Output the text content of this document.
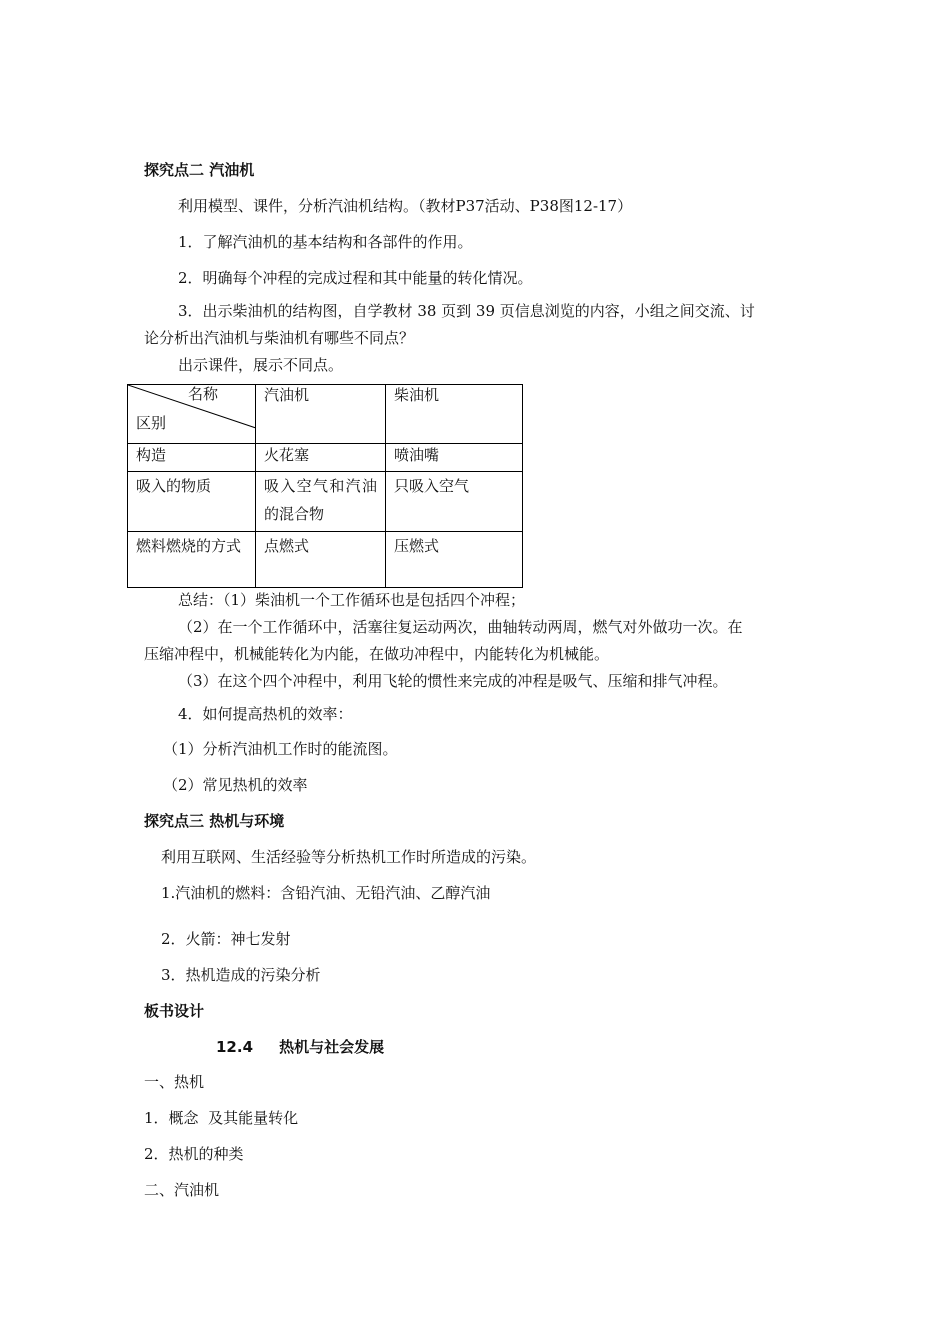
探究点二 汽油机
利用模型、课件，分析汽油机结构。（教材P37活动、P38图12-17）
1．了解汽油机的基本结构和各部件的作用。
2．明确每个冲程的完成过程和其中能量的转化情况。
3．出示柴油机的结构图，自学教材 38 页到 39 页信息浏览的内容，小组之间交流、讨
论分析出汽油机与柴油机有哪些不同点？
出示课件，展示不同点。
名称
区别	汽油机	柴油机
构造	火花塞	喷油嘴
吸入的物质	吸入空气和汽油的混合物	只吸入空气
燃料燃烧的方式	点燃式	压燃式
总结：（1）柴油机一个工作循环也是包括四个冲程；
（2）在一个工作循环中，活塞往复运动两次，曲轴转动两周，燃气对外做功一次。在
压缩冲程中，机械能转化为内能，在做功冲程中，内能转化为机械能。
（3）在这个四个冲程中，利用飞轮的惯性来完成的冲程是吸气、压缩和排气冲程。
4．如何提高热机的效率：
（1）分析汽油机工作时的能流图。
（2）常见热机的效率
探究点三 热机与环境
利用互联网、生活经验等分析热机工作时所造成的污染。
1.汽油机的燃料：含铅汽油、无铅汽油、乙醇汽油
2．火箭：神七发射
3．热机造成的污染分析
板书设计
12.4     热机与社会发展
一、热机
1．概念  及其能量转化
2．热机的种类
二、汽油机
